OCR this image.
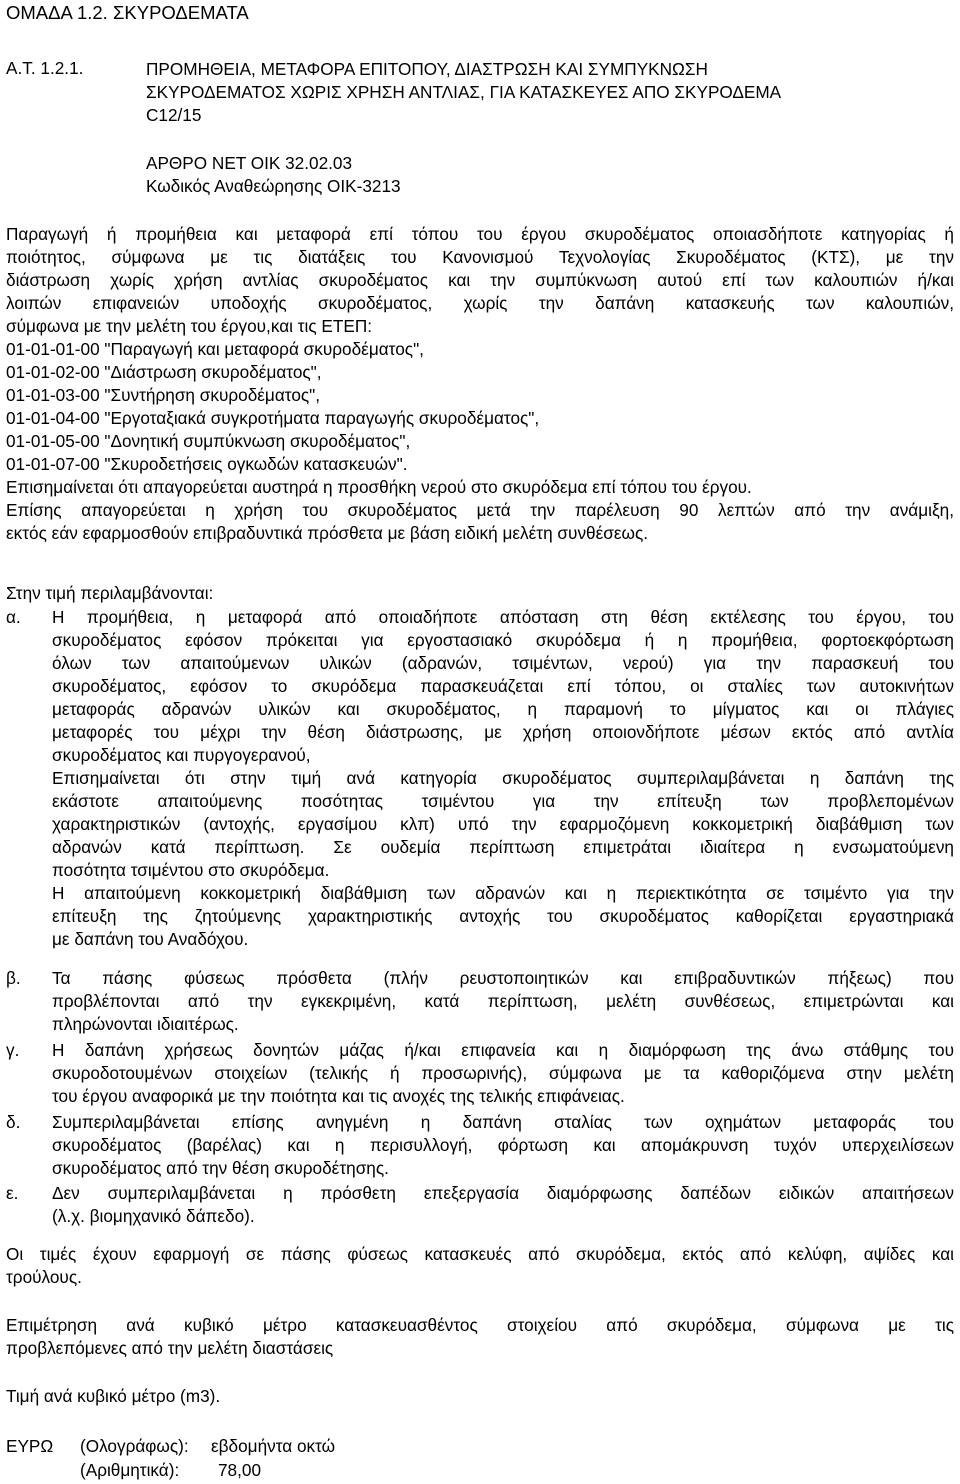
ΟΜΑΔΑ 1.2. ΣΚΥΡΟΔΕΜΑΤΑ
Α.Τ. 1.2.1.	ΠΡΟΜΗΘΕΙΑ, ΜΕΤΑΦΟΡΑ ΕΠΙΤΟΠΟΥ, ΔΙΑΣΤΡΩΣΗ ΚΑΙ ΣΥΜΠΥΚΝΩΣΗ
ΣΚΥΡΟΔΕΜΑΤΟΣ ΧΩΡΙΣ ΧΡΗΣΗ ΑΝΤΛΙΑΣ, ΓΙΑ ΚΑΤΑΣΚΕΥΕΣ ΑΠΟ ΣΚΥΡΟΔΕΜΑ
C12/15
ΑΡΘΡΟ ΝΕΤ ΟΙΚ 32.02.03
Κωδικός Αναθεώρησης ΟΙΚ-3213
Παραγωγή ή προμήθεια και μεταφορά επί τόπου του έργου σκυροδέματος οποιασδήποτε κατηγορίας ή
ποιότητος, σύμφωνα με τις διατάξεις του Κανονισμού Τεχνολογίας Σκυροδέματος (ΚΤΣ), με την
διάστρωση χωρίς χρήση αντλίας σκυροδέματος και την συμπύκνωση αυτού επί των καλουπιών ή/και
λοιπών επιφανειών υποδοχής σκυροδέματος, χωρίς την δαπάνη κατασκευής των καλουπιών,
σύμφωνα με την μελέτη του έργου,και τις ΕΤΕΠ:
01-01-01-00 "Παραγωγή και μεταφορά σκυροδέματος",
01-01-02-00 "Διάστρωση σκυροδέματος",
01-01-03-00 "Συντήρηση σκυροδέματος",
01-01-04-00 "Εργοταξιακά συγκροτήματα παραγωγής σκυροδέματος",
01-01-05-00 "Δονητική συμπύκνωση σκυροδέματος",
01-01-07-00 "Σκυροδετήσεις ογκωδών κατασκευών".
Επισημαίνεται ότι απαγορεύεται αυστηρά η προσθήκη νερού στο σκυρόδεμα επί τόπου του έργου.
Επίσης απαγορεύεται η χρήση του σκυροδέματος μετά την παρέλευση 90 λεπτών από την ανάμιξη,
εκτός εάν εφαρμοσθούν επιβραδυντικά πρόσθετα με βάση ειδική μελέτη συνθέσεως.
Στην τιμή περιλαμβάνονται:
α. Η προμήθεια, η μεταφορά από οποιαδήποτε απόσταση στη θέση εκτέλεσης του έργου, του
σκυροδέματος εφόσον πρόκειται για εργοστασιακό σκυρόδεμα ή η προμήθεια, φορτοεκφόρτωση
όλων των απαιτούμενων υλικών (αδρανών, τσιμέντων, νερού) για την παρασκευή του
σκυροδέματος, εφόσον το σκυρόδεμα παρασκευάζεται επί τόπου, οι σταλίες των αυτοκινήτων
μεταφοράς αδρανών υλικών και σκυροδέματος, η παραμονή το μίγματος και οι πλάγιες
μεταφορές του μέχρι την θέση διάστρωσης, με χρήση οποιονδήποτε μέσων εκτός από αντλία
σκυροδέματος και πυργογερανού,
Επισημαίνεται ότι στην τιμή ανά κατηγορία σκυροδέματος συμπεριλαμβάνεται η δαπάνη της
εκάστοτε απαιτούμενης ποσότητας τσιμέντου για την επίτευξη των προβλεπομένων
χαρακτηριστικών (αντοχής, εργασίμου κλπ) υπό την εφαρμοζόμενη κοκκομετρική διαβάθμιση των
αδρανών κατά περίπτωση. Σε ουδεμία περίπτωση επιμετράται ιδιαίτερα η ενσωματούμενη
ποσότητα τσιμέντου στο σκυρόδεμα.
Η απαιτούμενη κοκκομετρική διαβάθμιση των αδρανών και η περιεκτικότητα σε τσιμέντο για την
επίτευξη της ζητούμενης χαρακτηριστικής αντοχής του σκυροδέματος καθορίζεται εργαστηριακά
με δαπάνη του Αναδόχου.
β. Τα πάσης φύσεως πρόσθετα (πλήν ρευστοποιητικών και επιβραδυντικών πήξεως) που
προβλέπονται από την εγκεκριμένη, κατά περίπτωση, μελέτη συνθέσεως, επιμετρώνται και
πληρώνονται ιδιαιτέρως.
γ. Η δαπάνη χρήσεως δονητών μάζας ή/και επιφανεία και η διαμόρφωση της άνω στάθμης του
σκυροδοτουμένων στοιχείων (τελικής ή προσωρινής), σύμφωνα με τα καθοριζόμενα στην μελέτη
του έργου αναφορικά με την ποιότητα και τις ανοχές της τελικής επιφάνειας.
δ. Συμπεριλαμβάνεται επίσης ανηγμένη η δαπάνη σταλίας των οχημάτων μεταφοράς του
σκυροδέματος (βαρέλας) και η περισυλλογή, φόρτωση και απομάκρυνση τυχόν υπερχειλίσεων
σκυροδέματος από την θέση σκυροδέτησης.
ε. Δεν συμπεριλαμβάνεται η πρόσθετη επεξεργασία διαμόρφωσης δαπέδων ειδικών απαιτήσεων
(λ.χ. βιομηχανικό δάπεδο).
Οι τιμές έχουν εφαρμογή σε πάσης φύσεως κατασκευές από σκυρόδεμα, εκτός από κελύφη, αψίδες και
τρούλους.
Επιμέτρηση ανά κυβικό μέτρο κατασκευασθέντος στοιχείου από σκυρόδεμα, σύμφωνα με τις
προβλεπόμενες από την μελέτη διαστάσεις
Τιμή ανά κυβικό μέτρο (m3).
ΕΥΡΩ (Ολογράφως): εβδομήντα οκτώ
(Αριθμητικά): 78,00
